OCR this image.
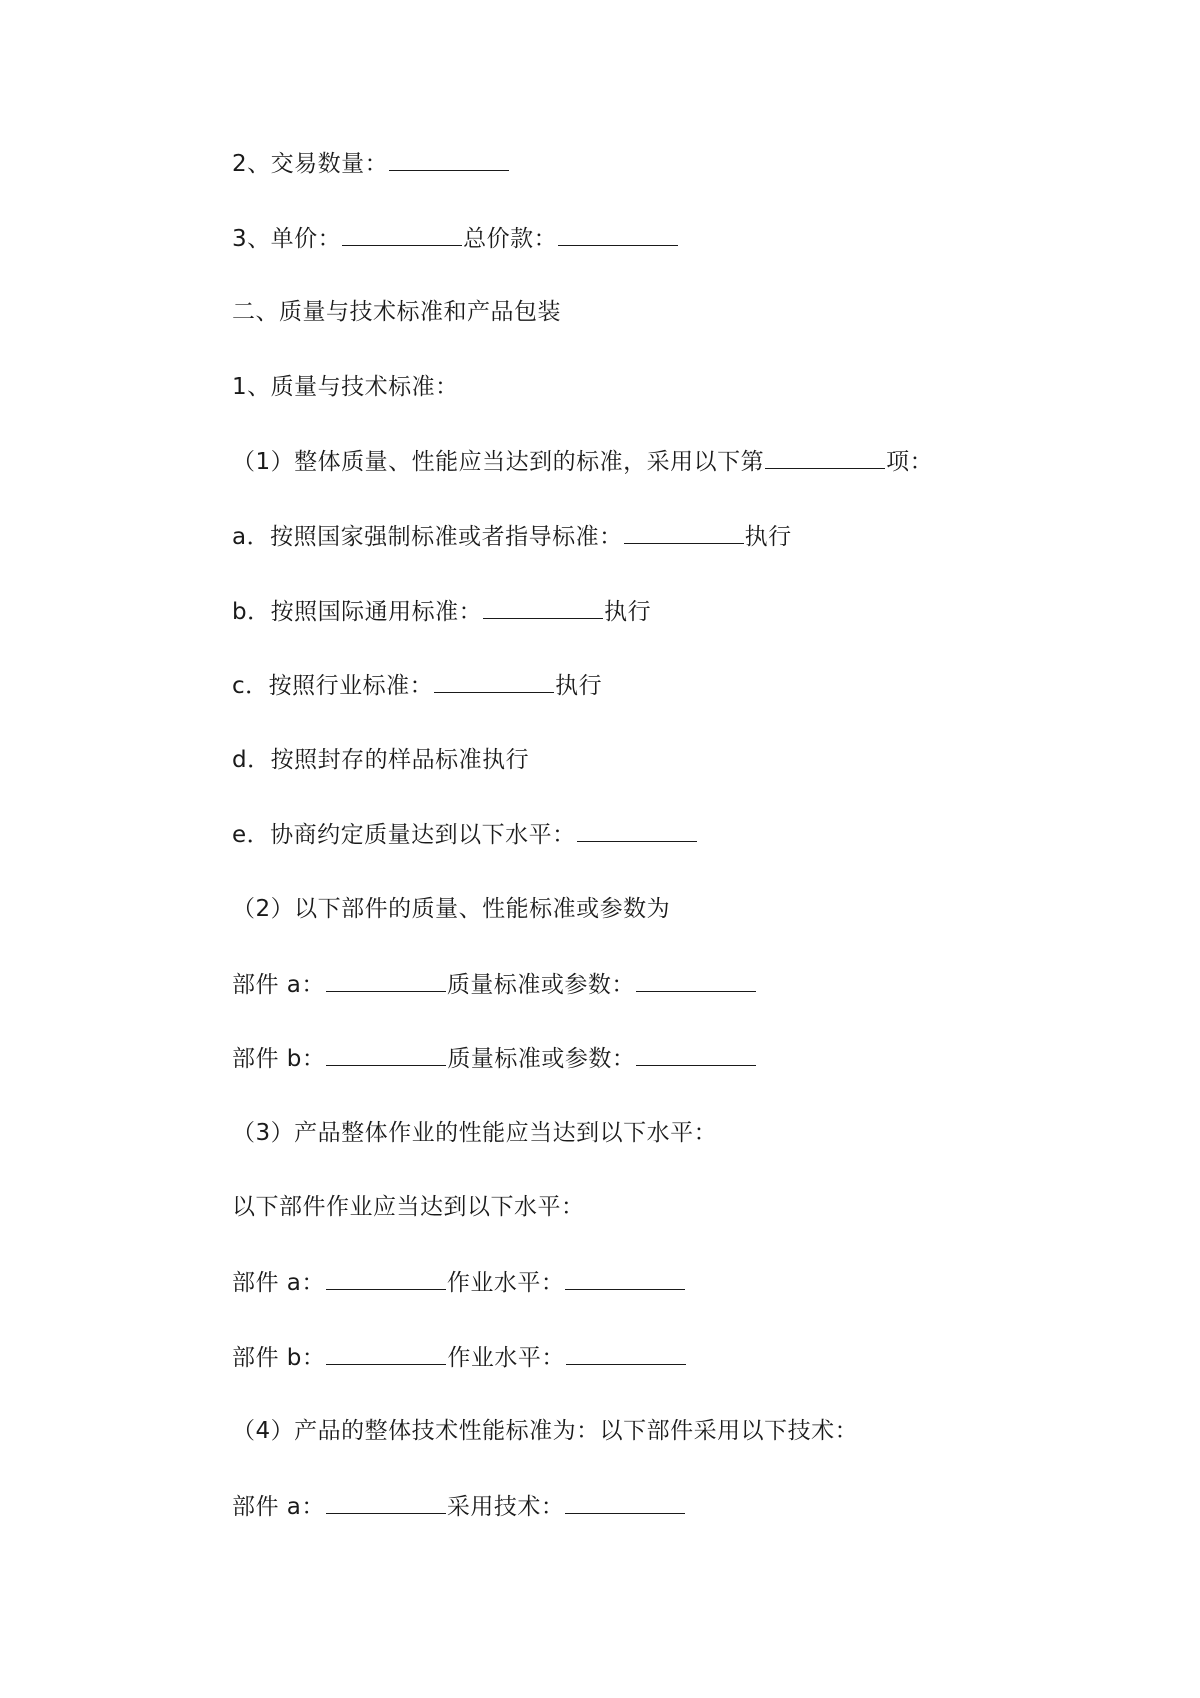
2、交易数量：
3、单价：	总价款：
二、质量与技术标准和产品包装
1、质量与技术标准：
（1）整体质量、性能应当达到的标准，采用以下第	项：
a．按照国家强制标准或者指导标准：	执行
b．按照国际通用标准：	执行
c．按照行业标准：	执行
d．按照封存的样品标准执行
e．协商约定质量达到以下水平：
（2）以下部件的质量、性能标准或参数为
部件 a：	质量标准或参数：
部件 b：	质量标准或参数：
（3）产品整体作业的性能应当达到以下水平：
以下部件作业应当达到以下水平：
部件 a：	作业水平：
部件 b：	作业水平：
（4）产品的整体技术性能标准为：以下部件采用以下技术：
部件 a：	采用技术：
